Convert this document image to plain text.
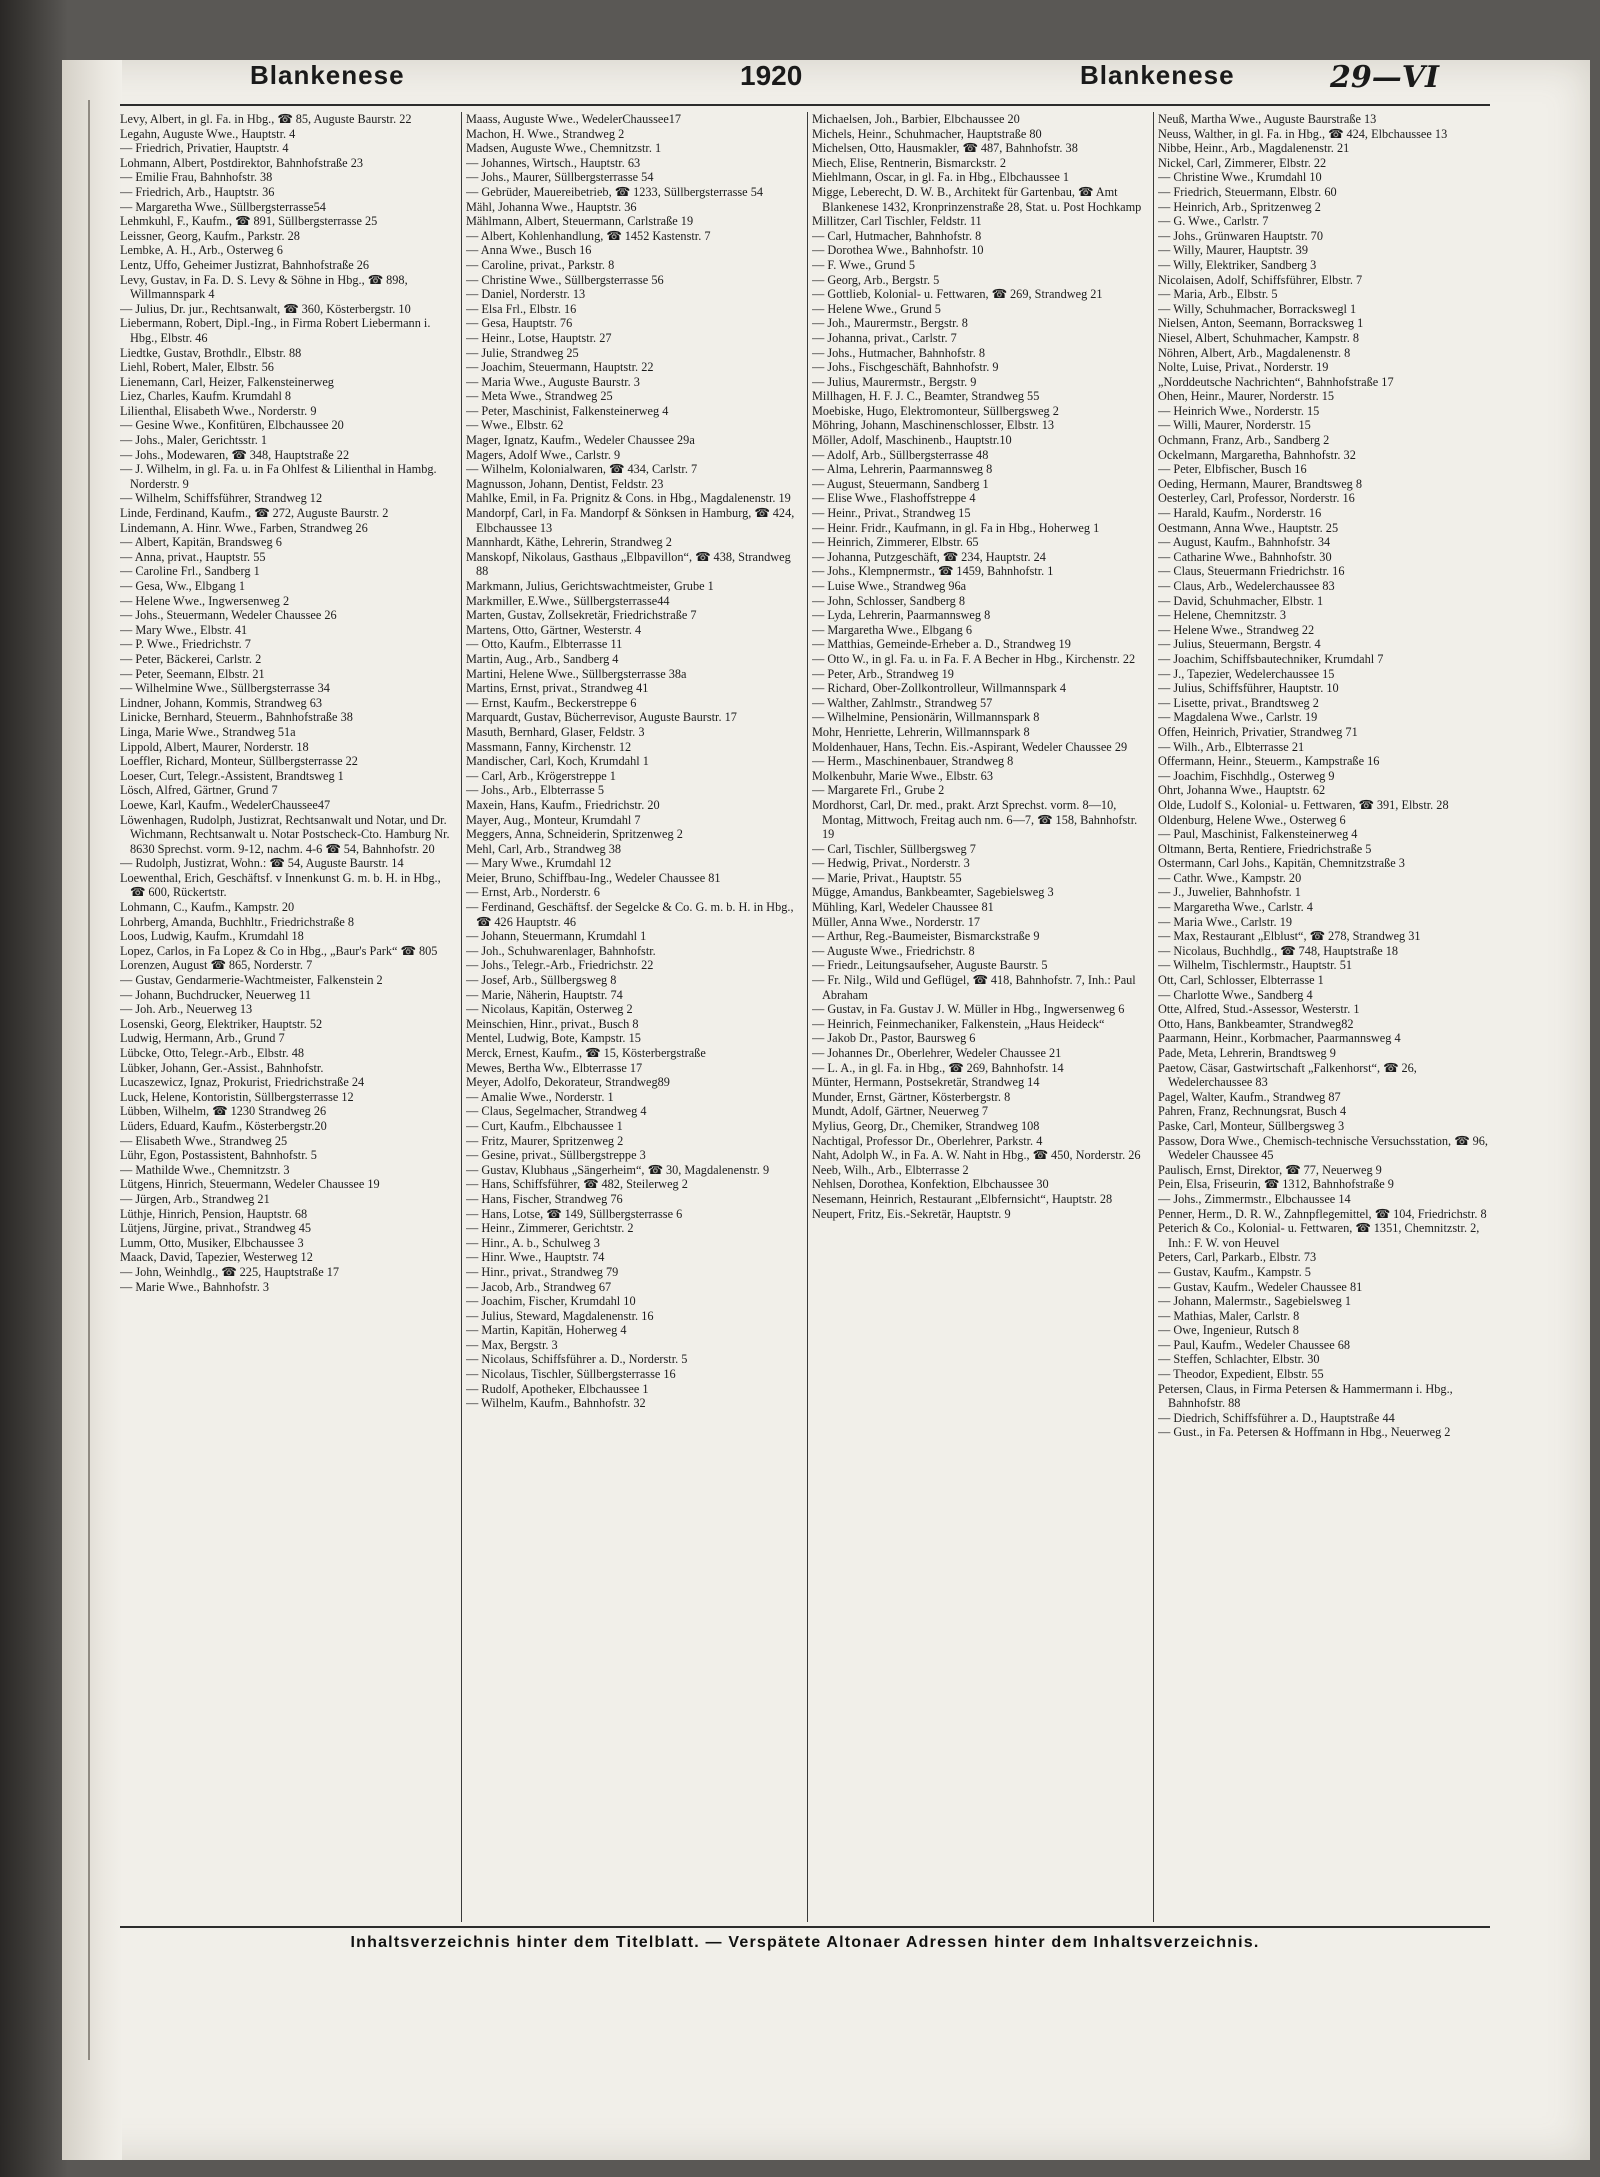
Blankenese	1920	Blankenese	29—VI

Levy, Albert, in gl. Fa. in Hbg., ☎ 85, Auguste Baurstr. 22

Legahn, Auguste Wwe., Hauptstr. 4

— Friedrich, Privatier, Hauptstr. 4

Lohmann, Albert, Postdirektor, Bahnhofstraße 23

— Emilie Frau, Bahnhofstr. 38

— Friedrich, Arb., Hauptstr. 36

— Margaretha Wwe., Süllbergsterrasse54

Lehmkuhl, F., Kaufm., ☎ 891, Süllbergsterrasse 25

Leissner, Georg, Kaufm., Parkstr. 28

Lembke, A. H., Arb., Osterweg 6

Lentz, Uffo, Geheimer Justizrat, Bahnhofstraße 26

Levy, Gustav, in Fa. D. S. Levy & Söhne in Hbg., ☎ 898, Willmannspark 4

— Julius, Dr. jur., Rechtsanwalt, ☎ 360, Kösterbergstr. 10

Liebermann, Robert, Dipl.-Ing., in Firma Robert Liebermann i. Hbg., Elbstr. 46

Liedtke, Gustav, Brothdlr., Elbstr. 88

Liehl, Robert, Maler, Elbstr. 56

Lienemann, Carl, Heizer, Falkensteinerweg

Liez, Charles, Kaufm. Krumdahl 8

Lilienthal, Elisabeth Wwe., Norderstr. 9

— Gesine Wwe., Konfitüren, Elbchaussee 20

— Johs., Maler, Gerichtsstr. 1

— Johs., Modewaren, ☎ 348, Hauptstraße 22

— J. Wilhelm, in gl. Fa. u. in Fa Ohlfest & Lilienthal in Hambg. Norderstr. 9

— Wilhelm, Schiffsführer, Strandweg 12

Linde, Ferdinand, Kaufm., ☎ 272, Auguste Baurstr. 2

Lindemann, A. Hinr. Wwe., Farben, Strandweg 26

— Albert, Kapitän, Brandsweg 6

— Anna, privat., Hauptstr. 55

— Caroline Frl., Sandberg 1

— Gesa, Ww., Elbgang 1

— Helene Wwe., Ingwersenweg 2

— Johs., Steuermann, Wedeler Chaussee 26

— Mary Wwe., Elbstr. 41

— P. Wwe., Friedrichstr. 7

— Peter, Bäckerei, Carlstr. 2

— Peter, Seemann, Elbstr. 21

— Wilhelmine Wwe., Süllbergsterrasse 34

Lindner, Johann, Kommis, Strandweg 63

Linicke, Bernhard, Steuerm., Bahnhofstraße 38

Linga, Marie Wwe., Strandweg 51a

Lippold, Albert, Maurer, Norderstr. 18

Loeffler, Richard, Monteur, Süllbergsterrasse 22

Loeser, Curt, Telegr.-Assistent, Brandtsweg 1

Lösch, Alfred, Gärtner, Grund 7

Loewe, Karl, Kaufm., WedelerChaussee47

Löwenhagen, Rudolph, Justizrat, Rechtsanwalt und Notar, und Dr. Wichmann, Rechtsanwalt u. Notar Postscheck-Cto. Hamburg Nr. 8630 Sprechst. vorm. 9-12, nachm. 4-6 ☎ 54, Bahnhofstr. 20

— Rudolph, Justizrat, Wohn.: ☎ 54, Auguste Baurstr. 14

Loewenthal, Erich, Geschäftsf. v Innenkunst G. m. b. H. in Hbg., ☎ 600, Rückertstr.

Lohmann, C., Kaufm., Kampstr. 20

Lohrberg, Amanda, Buchhltr., Friedrichstraße 8

Loos, Ludwig, Kaufm., Krumdahl 18

Lopez, Carlos, in Fa Lopez & Co in Hbg., „Baur's Park“ ☎ 805

Lorenzen, August ☎ 865, Norderstr. 7

— Gustav, Gendarmerie-Wachtmeister, Falkenstein 2

— Johann, Buchdrucker, Neuerweg 11

— Joh. Arb., Neuerweg 13

Losenski, Georg, Elektriker, Hauptstr. 52

Ludwig, Hermann, Arb., Grund 7

Lübcke, Otto, Telegr.-Arb., Elbstr. 48

Lübker, Johann, Ger.-Assist., Bahnhofstr.

Lucaszewicz, Ignaz, Prokurist, Friedrichstraße 24

Luck, Helene, Kontoristin, Süllbergsterrasse 12

Lübben, Wilhelm, ☎ 1230 Strandweg 26

Lüders, Eduard, Kaufm., Kösterbergstr.20

— Elisabeth Wwe., Strandweg 25

Lühr, Egon, Postassistent, Bahnhofstr. 5

— Mathilde Wwe., Chemnitzstr. 3

Lütgens, Hinrich, Steuermann, Wedeler Chaussee 19

— Jürgen, Arb., Strandweg 21

Lüthje, Hinrich, Pension, Hauptstr. 68

Lütjens, Jürgine, privat., Strandweg 45

Lumm, Otto, Musiker, Elbchaussee 3

Maack, David, Tapezier, Westerweg 12

— John, Weinhdlg., ☎ 225, Hauptstraße 17

— Marie Wwe., Bahnhofstr. 3

Maass, Auguste Wwe., WedelerChaussee17

Machon, H. Wwe., Strandweg 2

Madsen, Auguste Wwe., Chemnitzstr. 1

— Johannes, Wirtsch., Hauptstr. 63

— Johs., Maurer, Süllbergsterrasse 54

— Gebrüder, Mauereibetrieb, ☎ 1233, Süllbergsterrasse 54

Mähl, Johanna Wwe., Hauptstr. 36

Mählmann, Albert, Steuermann, Carlstraße 19

— Albert, Kohlenhandlung, ☎ 1452 Kastenstr. 7

— Anna Wwe., Busch 16

— Caroline, privat., Parkstr. 8

— Christine Wwe., Süllbergsterrasse 56

— Daniel, Norderstr. 13

— Elsa Frl., Elbstr. 16

— Gesa, Hauptstr. 76

— Heinr., Lotse, Hauptstr. 27

— Julie, Strandweg 25

— Joachim, Steuermann, Hauptstr. 22

— Maria Wwe., Auguste Baurstr. 3

— Meta Wwe., Strandweg 25

— Peter, Maschinist, Falkensteinerweg 4

— Wwe., Elbstr. 62

Mager, Ignatz, Kaufm., Wedeler Chaussee 29a

Magers, Adolf Wwe., Carlstr. 9

— Wilhelm, Kolonialwaren, ☎ 434, Carlstr. 7

Magnusson, Johann, Dentist, Feldstr. 23

Mahlke, Emil, in Fa. Prignitz & Cons. in Hbg., Magdalenenstr. 19

Mandorpf, Carl, in Fa. Mandorpf & Sönksen in Hamburg, ☎ 424, Elbchaussee 13

Mannhardt, Käthe, Lehrerin, Strandweg 2

Manskopf, Nikolaus, Gasthaus „Elbpavillon“, ☎ 438, Strandweg 88

Markmann, Julius, Gerichtswachtmeister, Grube 1

Markmiller, E.Wwe., Süllbergsterrasse44

Marten, Gustav, Zollsekretär, Friedrichstraße 7

Martens, Otto, Gärtner, Westerstr. 4

— Otto, Kaufm., Elbterrasse 11

Martin, Aug., Arb., Sandberg 4

Martini, Helene Wwe., Süllbergsterrasse 38a

Martins, Ernst, privat., Strandweg 41

— Ernst, Kaufm., Beckerstreppe 6

Marquardt, Gustav, Bücherrevisor, Auguste Baurstr. 17

Masuth, Bernhard, Glaser, Feldstr. 3

Massmann, Fanny, Kirchenstr. 12

Mandischer, Carl, Koch, Krumdahl 1

— Carl, Arb., Krögerstreppe 1

— Johs., Arb., Elbterrasse 5

Maxein, Hans, Kaufm., Friedrichstr. 20

Mayer, Aug., Monteur, Krumdahl 7

Meggers, Anna, Schneiderin, Spritzenweg 2

Mehl, Carl, Arb., Strandweg 38

— Mary Wwe., Krumdahl 12

Meier, Bruno, Schiffbau-Ing., Wedeler Chaussee 81

— Ernst, Arb., Norderstr. 6

— Ferdinand, Geschäftsf. der Segelcke & Co. G. m. b. H. in Hbg., ☎ 426 Hauptstr. 46

— Johann, Steuermann, Krumdahl 1

— Joh., Schuhwarenlager, Bahnhofstr.

— Johs., Telegr.-Arb., Friedrichstr. 22

— Josef, Arb., Süllbergsweg 8

— Marie, Näherin, Hauptstr. 74

— Nicolaus, Kapitän, Osterweg 2

Meinschien, Hinr., privat., Busch 8

Mentel, Ludwig, Bote, Kampstr. 15

Merck, Ernest, Kaufm., ☎ 15, Kösterbergstraße

Mewes, Bertha Ww., Elbterrasse 17

Meyer, Adolfo, Dekorateur, Strandweg89

— Amalie Wwe., Norderstr. 1

— Claus, Segelmacher, Strandweg 4

— Curt, Kaufm., Elbchaussee 1

— Fritz, Maurer, Spritzenweg 2

— Gesine, privat., Süllbergstreppe 3

— Gustav, Klubhaus „Sängerheim“, ☎ 30, Magdalenenstr. 9

— Hans, Schiffsführer, ☎ 482, Steilerweg 2

— Hans, Fischer, Strandweg 76

— Hans, Lotse, ☎ 149, Süllbergsterrasse 6

— Heinr., Zimmerer, Gerichtstr. 2

— Hinr., A. b., Schulweg 3

— Hinr. Wwe., Hauptstr. 74

— Hinr., privat., Strandweg 79

— Jacob, Arb., Strandweg 67

— Joachim, Fischer, Krumdahl 10

— Julius, Steward, Magdalenenstr. 16

— Martin, Kapitän, Hoherweg 4

— Max, Bergstr. 3

— Nicolaus, Schiffsführer a. D., Norderstr. 5

— Nicolaus, Tischler, Süllbergsterrasse 16

— Rudolf, Apotheker, Elbchaussee 1

— Wilhelm, Kaufm., Bahnhofstr. 32

Michaelsen, Joh., Barbier, Elbchaussee 20

Michels, Heinr., Schuhmacher, Hauptstraße 80

Michelsen, Otto, Hausmakler, ☎ 487, Bahnhofstr. 38

Miech, Elise, Rentnerin, Bismarckstr. 2

Miehlmann, Oscar, in gl. Fa. in Hbg., Elbchaussee 1

Migge, Leberecht, D. W. B., Architekt für Gartenbau, ☎ Amt Blankenese 1432, Kronprinzenstraße 28, Stat. u. Post Hochkamp

Millitzer, Carl Tischler, Feldstr. 11

— Carl, Hutmacher, Bahnhofstr. 8

— Dorothea Wwe., Bahnhofstr. 10

— F. Wwe., Grund 5

— Georg, Arb., Bergstr. 5

— Gottlieb, Kolonial- u. Fettwaren, ☎ 269, Strandweg 21

— Helene Wwe., Grund 5

— Joh., Maurermstr., Bergstr. 8

— Johanna, privat., Carlstr. 7

— Johs., Hutmacher, Bahnhofstr. 8

— Johs., Fischgeschäft, Bahnhofstr. 9

— Julius, Maurermstr., Bergstr. 9

Millhagen, H. F. J. C., Beamter, Strandweg 55

Moebiske, Hugo, Elektromonteur, Süllbergsweg 2

Möhring, Johann, Maschinenschlosser, Elbstr. 13

Möller, Adolf, Maschinenb., Hauptstr.10

— Adolf, Arb., Süllbergsterrasse 48

— Alma, Lehrerin, Paarmannsweg 8

— August, Steuermann, Sandberg 1

— Elise Wwe., Flashoffstreppe 4

— Heinr., Privat., Strandweg 15

— Heinr. Fridr., Kaufmann, in gl. Fa in Hbg., Hoherweg 1

— Heinrich, Zimmerer, Elbstr. 65

— Johanna, Putzgeschäft, ☎ 234, Hauptstr. 24

— Johs., Klempnermstr., ☎ 1459, Bahnhofstr. 1

— Luise Wwe., Strandweg 96a

— John, Schlosser, Sandberg 8

— Lyda, Lehrerin, Paarmannsweg 8

— Margaretha Wwe., Elbgang 6

— Matthias, Gemeinde-Erheber a. D., Strandweg 19

— Otto W., in gl. Fa. u. in Fa. F. A Becher in Hbg., Kirchenstr. 22

— Peter, Arb., Strandweg 19

— Richard, Ober-Zollkontrolleur, Willmannspark 4

— Walther, Zahlmstr., Strandweg 57

— Wilhelmine, Pensionärin, Willmannspark 8

Mohr, Henriette, Lehrerin, Willmannspark 8

Moldenhauer, Hans, Techn. Eis.-Aspirant, Wedeler Chaussee 29

— Herm., Maschinenbauer, Strandweg 8

Molkenbuhr, Marie Wwe., Elbstr. 63

— Margarete Frl., Grube 2

Mordhorst, Carl, Dr. med., prakt. Arzt Sprechst. vorm. 8—10, Montag, Mittwoch, Freitag auch nm. 6—7, ☎ 158, Bahnhofstr. 19

— Carl, Tischler, Süllbergsweg 7

— Hedwig, Privat., Norderstr. 3

— Marie, Privat., Hauptstr. 55

Mügge, Amandus, Bankbeamter, Sagebielsweg 3

Mühling, Karl, Wedeler Chaussee 81

Müller, Anna Wwe., Norderstr. 17

— Arthur, Reg.-Baumeister, Bismarckstraße 9

— Auguste Wwe., Friedrichstr. 8

— Friedr., Leitungsaufseher, Auguste Baurstr. 5

— Fr. Nilg., Wild und Geflügel, ☎ 418, Bahnhofstr. 7, Inh.: Paul Abraham

— Gustav, in Fa. Gustav J. W. Müller in Hbg., Ingwersenweg 6

— Heinrich, Feinmechaniker, Falkenstein, „Haus Heideck“

— Jakob Dr., Pastor, Baursweg 6

— Johannes Dr., Oberlehrer, Wedeler Chaussee 21

— L. A., in gl. Fa. in Hbg., ☎ 269, Bahnhofstr. 14

Münter, Hermann, Postsekretär, Strandweg 14

Munder, Ernst, Gärtner, Kösterbergstr. 8

Mundt, Adolf, Gärtner, Neuerweg 7

Mylius, Georg, Dr., Chemiker, Strandweg 108

Nachtigal, Professor Dr., Oberlehrer, Parkstr. 4

Naht, Adolph W., in Fa. A. W. Naht in Hbg., ☎ 450, Norderstr. 26

Neeb, Wilh., Arb., Elbterrasse 2

Nehlsen, Dorothea, Konfektion, Elbchaussee 30

Nesemann, Heinrich, Restaurant „Elbfernsicht“, Hauptstr. 28

Neupert, Fritz, Eis.-Sekretär, Hauptstr. 9

Neuß, Martha Wwe., Auguste Baurstraße 13

Neuss, Walther, in gl. Fa. in Hbg., ☎ 424, Elbchaussee 13

Nibbe, Heinr., Arb., Magdalenenstr. 21

Nickel, Carl, Zimmerer, Elbstr. 22

— Christine Wwe., Krumdahl 10

— Friedrich, Steuermann, Elbstr. 60

— Heinrich, Arb., Spritzenweg 2

— G. Wwe., Carlstr. 7

— Johs., Grünwaren Hauptstr. 70

— Willy, Maurer, Hauptstr. 39

— Willy, Elektriker, Sandberg 3

Nicolaisen, Adolf, Schiffsführer, Elbstr. 7

— Maria, Arb., Elbstr. 5

— Willy, Schuhmacher, Borrackswegl 1

Nielsen, Anton, Seemann, Borracksweg 1

Niesel, Albert, Schuhmacher, Kampstr. 8

Nöhren, Albert, Arb., Magdalenenstr. 8

Nolte, Luise, Privat., Norderstr. 19

„Norddeutsche Nachrichten“, Bahnhofstraße 17

Ohen, Heinr., Maurer, Norderstr. 15

— Heinrich Wwe., Norderstr. 15

— Willi, Maurer, Norderstr. 15

Ochmann, Franz, Arb., Sandberg 2

Ockelmann, Margaretha, Bahnhofstr. 32

— Peter, Elbfischer, Busch 16

Oeding, Hermann, Maurer, Brandtsweg 8

Oesterley, Carl, Professor, Norderstr. 16

— Harald, Kaufm., Norderstr. 16

Oestmann, Anna Wwe., Hauptstr. 25

— August, Kaufm., Bahnhofstr. 34

— Catharine Wwe., Bahnhofstr. 30

— Claus, Steuermann Friedrichstr. 16

— Claus, Arb., Wedelerchaussee 83

— David, Schuhmacher, Elbstr. 1

— Helene, Chemnitzstr. 3

— Helene Wwe., Strandweg 22

— Julius, Steuermann, Bergstr. 4

— Joachim, Schiffsbautechniker, Krumdahl 7

— J., Tapezier, Wedelerchaussee 15

— Julius, Schiffsführer, Hauptstr. 10

— Lisette, privat., Brandtsweg 2

— Magdalena Wwe., Carlstr. 19

Offen, Heinrich, Privatier, Strandweg 71

— Wilh., Arb., Elbterrasse 21

Offermann, Heinr., Steuerm., Kampstraße 16

— Joachim, Fischhdlg., Osterweg 9

Ohrt, Johanna Wwe., Hauptstr. 62

Olde, Ludolf S., Kolonial- u. Fettwaren, ☎ 391, Elbstr. 28

Oldenburg, Helene Wwe., Osterweg 6

— Paul, Maschinist, Falkensteinerweg 4

Oltmann, Berta, Rentiere, Friedrichstraße 5

Ostermann, Carl Johs., Kapitän, Chemnitzstraße 3

— Cathr. Wwe., Kampstr. 20

— J., Juwelier, Bahnhofstr. 1

— Margaretha Wwe., Carlstr. 4

— Maria Wwe., Carlstr. 19

— Max, Restaurant „Elblust“, ☎ 278, Strandweg 31

— Nicolaus, Buchhdlg., ☎ 748, Hauptstraße 18

— Wilhelm, Tischlermstr., Hauptstr. 51

Ott, Carl, Schlosser, Elbterrasse 1

— Charlotte Wwe., Sandberg 4

Otte, Alfred, Stud.-Assessor, Westerstr. 1

Otto, Hans, Bankbeamter, Strandweg82

Paarmann, Heinr., Korbmacher, Paarmannsweg 4

Pade, Meta, Lehrerin, Brandtsweg 9

Paetow, Cäsar, Gastwirtschaft „Falkenhorst“, ☎ 26, Wedelerchaussee 83

Pagel, Walter, Kaufm., Strandweg 87

Pahren, Franz, Rechnungsrat, Busch 4

Paske, Carl, Monteur, Süllbergsweg 3

Passow, Dora Wwe., Chemisch-technische Versuchsstation, ☎ 96, Wedeler Chaussee 45

Paulisch, Ernst, Direktor, ☎ 77, Neuerweg 9

Pein, Elsa, Friseurin, ☎ 1312, Bahnhofstraße 9

— Johs., Zimmermstr., Elbchaussee 14

Penner, Herm., D. R. W., Zahnpflegemittel, ☎ 104, Friedrichstr. 8

Peterich & Co., Kolonial- u. Fettwaren, ☎ 1351, Chemnitzstr. 2, Inh.: F. W. von Heuvel

Peters, Carl, Parkarb., Elbstr. 73

— Gustav, Kaufm., Kampstr. 5

— Gustav, Kaufm., Wedeler Chaussee 81

— Johann, Malermstr., Sagebielsweg 1

— Mathias, Maler, Carlstr. 8

— Owe, Ingenieur, Rutsch 8

— Paul, Kaufm., Wedeler Chaussee 68

— Steffen, Schlachter, Elbstr. 30

— Theodor, Expedient, Elbstr. 55

Petersen, Claus, in Firma Petersen & Hammermann i. Hbg., Bahnhofstr. 88

— Diedrich, Schiffsführer a. D., Hauptstraße 44

— Gust., in Fa. Petersen & Hoffmann in Hbg., Neuerweg 2

Inhaltsverzeichnis hinter dem Titelblatt. — Verspätete Altonaer Adressen hinter dem Inhaltsverzeichnis.
